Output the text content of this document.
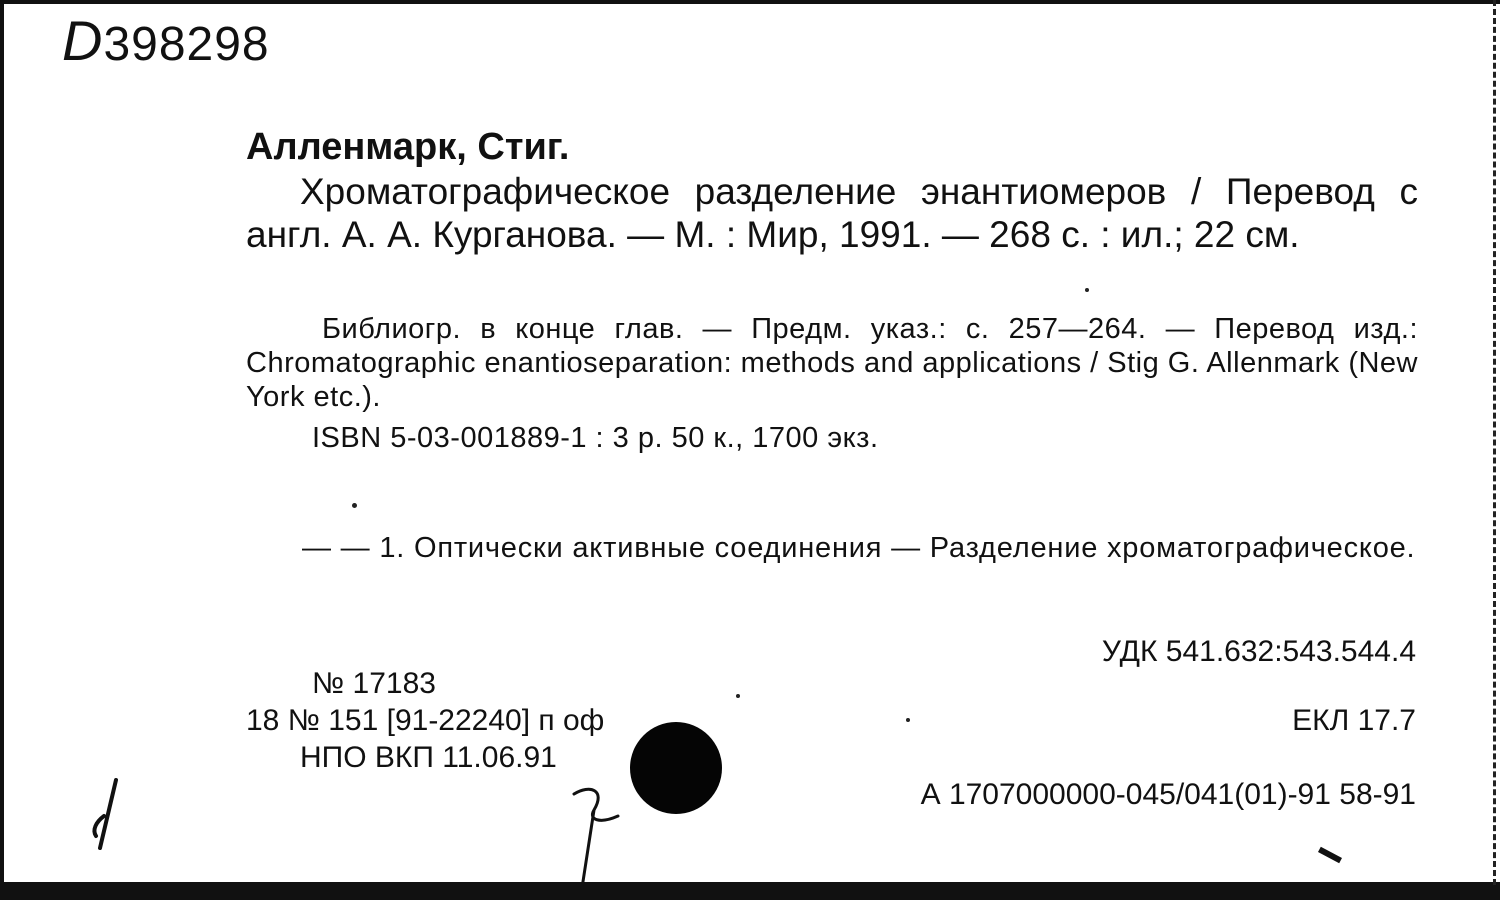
D398298
Алленмарк, Стиг.
Хроматографическое разделение энантиомеров / Перевод с англ. А. А. Курганова. — М. : Мир, 1991. — 268 с. : ил.; 22 см.
Библиогр. в конце глав. — Предм. указ.: с. 257—264. — Перевод изд.: Chromatographic enantioseparation: methods and applications / Stig G. Allenmark (New York etc.).
ISBN 5-03-001889-1 : 3 р. 50 к., 1700 экз.
— — 1. Оптически активные соединения — Разделение хроматографическое.
УДК 541.632:543.544.4
№ 17183
18 № 151 [91-22240] п оф
НПО ВКП 11.06.91
ЕКЛ 17.7
А 1707000000-045/041(01)-91 58-91
